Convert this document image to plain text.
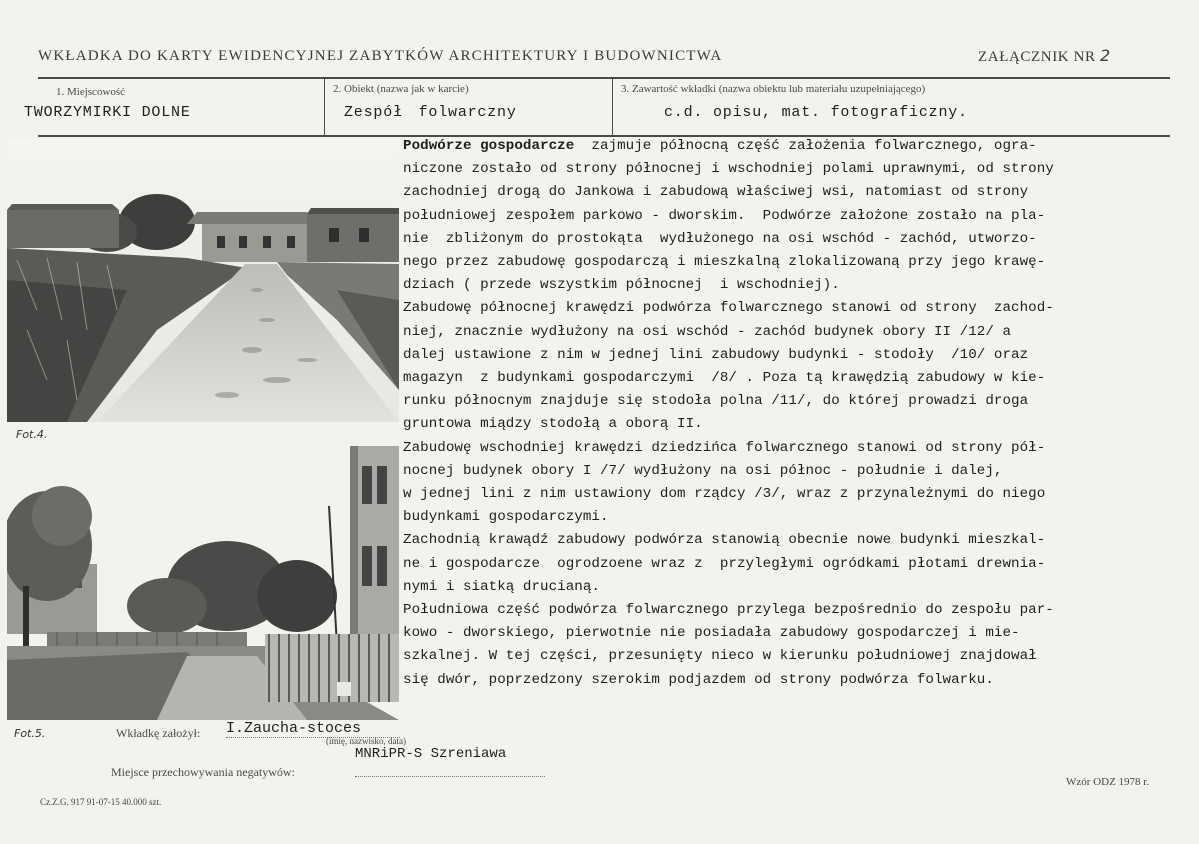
WKŁADKA DO KARTY EWIDENCYJNEJ ZABYTKÓW ARCHITEKTURY I BUDOWNICTWA	ZAŁĄCZNIK NR 2
1. Miejscowość
TWORZYMIRKI DOLNE
2. Obiekt (nazwa jak w karcie)
Zespół folwarczny
3. Zawartość wkładki (nazwa obiektu lub materiału uzupełniającego)
c.d. opisu, mat. fotograficzny.
Fot.4.
Fot.5.

Podwórze gospodarcze  zajmuje północną część założenia folwarcznego, ogra-

niczone zostało od strony północnej i wschodniej polami uprawnymi, od strony

zachodniej drogą do Jankowa i zabudową właściwej wsi, natomiast od strony

południowej zespołem parkowo - dworskim.  Podwórze założone zostało na pla-

nie  zbliżonym do prostokąta  wydłużonego na osi wschód - zachód, utworzo-

nego przez zabudowę gospodarczą i mieszkalną zlokalizowaną przy jego krawę-

dziach ( przede wszystkim północnej  i wschodniej).

Zabudowę północnej krawędzi podwórza folwarcznego stanowi od strony  zachod-

niej, znacznie wydłużony na osi wschód - zachód budynek obory II /12/ a

dalej ustawione z nim w jednej lini zabudowy budynki - stodoły  /10/ oraz

magazyn  z budynkami gospodarczymi  /8/ . Poza tą krawędzią zabudowy w kie-

runku północnym znajduje się stodoła polna /11/, do której prowadzi droga

gruntowa miądzy stodołą a oborą II.

Zabudowę wschodniej krawędzi dziedzińca folwarcznego stanowi od strony pół-

nocnej budynek obory I /7/ wydłużony na osi północ - południe i dalej,

w jednej lini z nim ustawiony dom rządcy /3/, wraz z przynależnymi do niego

budynkami gospodarczymi.

Zachodnią krawądź zabudowy podwórza stanowią obecnie nowe budynki mieszkal-

ne i gospodarcze  ogrodzoene wraz z  przyległymi ogródkami płotami drewnia-

nymi i siatką drucianą.

Południowa część podwórza folwarcznego przylega bezpośrednio do zespołu par-

kowo - dworskiego, pierwotnie nie posiadała zabudowy gospodarczej i mie-

szkalnej. W tej części, przesunięty nieco w kierunku południowej znajdował

się dwór, poprzedzony szerokim podjazdem od strony podwórza folwarku.

Wkładkę założył: I.Zaucha-stoces
(imię, nazwisko, data)
Miejsce przechowywania negatywów:
MNRiPR-S Szreniawa
Wzór ODZ 1978 r.
Cz.Z.G. 917 91-07-15 40.000 szt.
